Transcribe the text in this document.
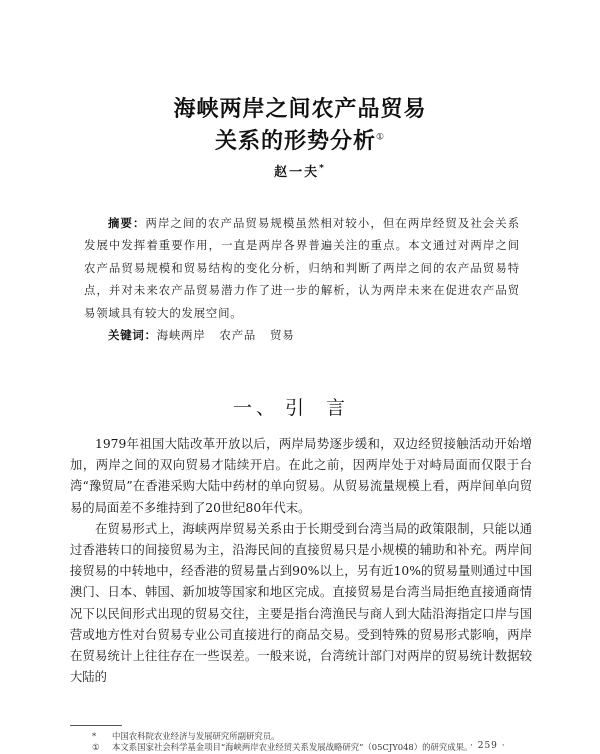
海峡两岸之间农产品贸易
关系的形势分析①
赵一夫*
摘要：两岸之间的农产品贸易规模虽然相对较小，但在两岸经贸及社会关系发展中发挥着重要作用，一直是两岸各界普遍关注的重点。本文通过对两岸之间农产品贸易规模和贸易结构的变化分析，归纳和判断了两岸之间的农产品贸易特点，并对未来农产品贸易潜力作了进一步的解析，认为两岸未来在促进农产品贸易领域具有较大的发展空间。
关键词：海峡两岸 农产品 贸易
一、 引言

1979年祖国大陆改革开放以后，两岸局势逐步缓和，双边经贸接触活动开始增加，两岸之间的双向贸易才陆续开启。在此之前，因两岸处于对峙局面而仅限于台湾“豫贸局”在香港采购大陆中药材的单向贸易。从贸易流量规模上看，两岸间单向贸易的局面差不多维持到了20世纪80年代末。

在贸易形式上，海峡两岸贸易关系由于长期受到台湾当局的政策限制，只能以通过香港转口的间接贸易为主，沿海民间的直接贸易只是小规模的辅助和补充。两岸间接贸易的中转地中，经香港的贸易量占到90%以上，另有近10%的贸易量则通过中国澳门、日本、韩国、新加坡等国家和地区完成。直接贸易是台湾当局拒绝直接通商情况下以民间形式出现的贸易交往，主要是指台湾渔民与商人到大陆沿海指定口岸与国营或地方性对台贸易专业公司直接进行的商品交易。受到特殊的贸易形式影响，两岸在贸易统计上往往存在一些误差。一般来说，台湾统计部门对两岸的贸易统计数据较大陆的

* 中国农科院农业经济与发展研究所副研究员。
① 本文系国家社会科学基金项目“海峡两岸农业经贸关系发展战略研究”（05CJY048）的研究成果。
· 259 ·
